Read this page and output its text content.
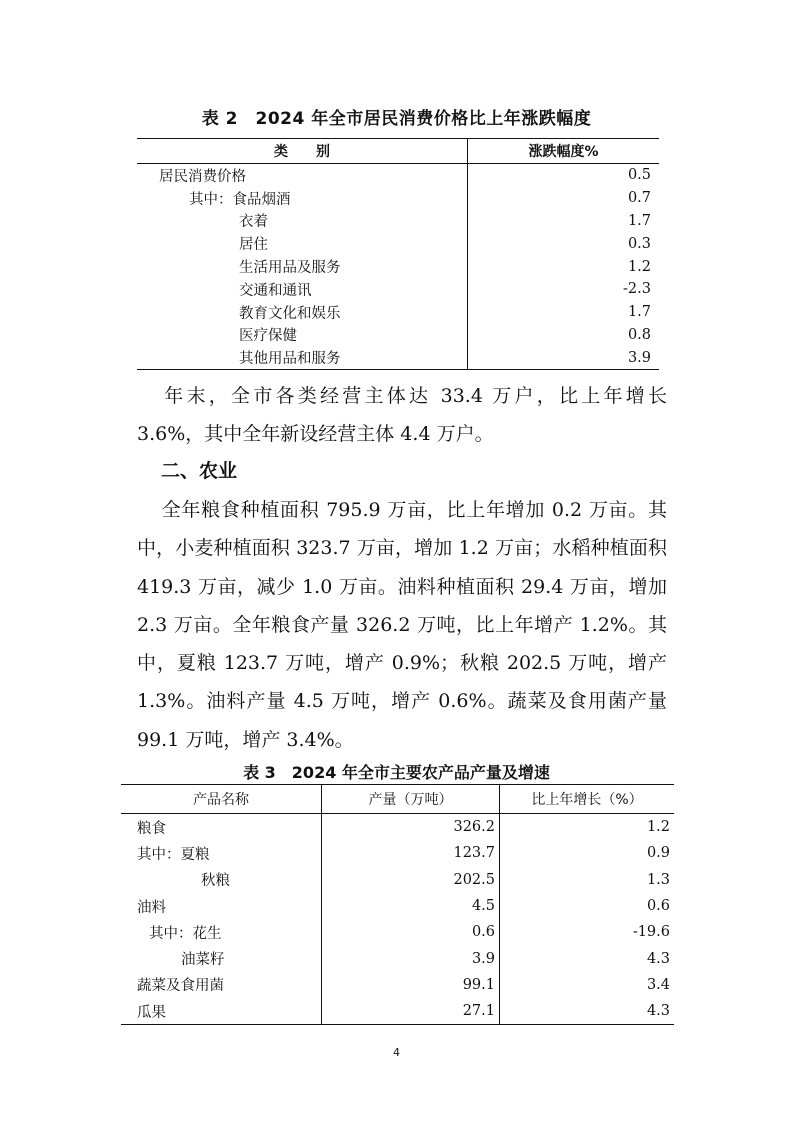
表 2　2024 年全市居民消费价格比上年涨跌幅度
类　　别	涨跌幅度%
居民消费价格	0.5
其中：食品烟酒	0.7
衣着	1.7
居住	0.3
生活用品及服务	1.2
交通和通讯	-2.3
教育文化和娱乐	1.7
医疗保健	0.8
其他用品和服务	3.9
年末，全市各类经营主体达 33.4 万户，比上年增长 3.6%，其中全年新设经营主体 4.4 万户。
二、农业
全年粮食种植面积 795.9 万亩，比上年增加 0.2 万亩。其中，小麦种植面积 323.7 万亩，增加 1.2 万亩；水稻种植面积 419.3 万亩，减少 1.0 万亩。油料种植面积 29.4 万亩，增加 2.3 万亩。全年粮食产量 326.2 万吨，比上年增产 1.2%。其中，夏粮 123.7 万吨，增产 0.9%；秋粮 202.5 万吨，增产 1.3%。油料产量 4.5 万吨，增产 0.6%。蔬菜及食用菌产量 99.1 万吨，增产 3.4%。
表 3　2024 年全市主要农产品产量及增速
产品名称	产量（万吨）	比上年增长（%）
粮食	326.2	1.2
其中：夏粮	123.7	0.9
秋粮	202.5	1.3
油料	4.5	0.6
其中：花生	0.6	-19.6
油菜籽	3.9	4.3
蔬菜及食用菌	99.1	3.4
瓜果	27.1	4.3
4
